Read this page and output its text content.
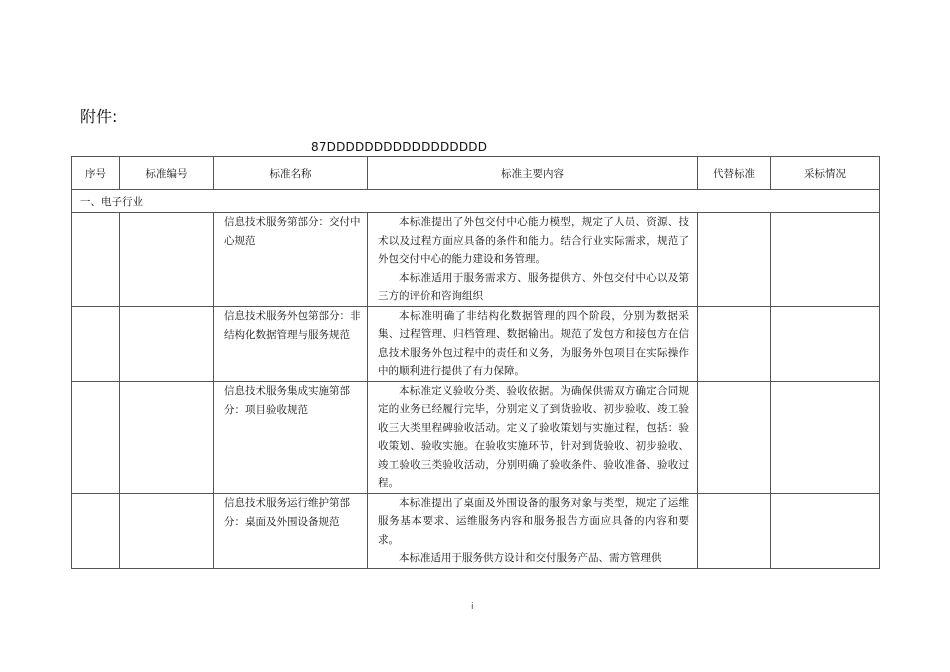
附件:
87DDDDDDDDDDDDDDDDD
序号	标准编号	标准名称	标准主要内容	代替标准	采标情况
一、电子行业					
		信息技术服务第部分：交付中心规范	本标准提出了外包交付中心能力模型，规定了人员、资源、技术以及过程方面应具备的条件和能力。结合行业实际需求，规范了外包交付中心的能力建设和务管理。

本标准适用于服务需求方、服务提供方、外包交付中心以及第三方的评价和咨询组织		

		信息技术服务外包第部分：非结构化数据管理与服务规范	本标准明确了非结构化数据管理的四个阶段，分别为数据采集、过程管理、归档管理、数据输出。规范了发包方和接包方在信息技术服务外包过程中的责任和义务，为服务外包项目在实际操作中的顺利进行提供了有力保障。		

		信息技术服务集成实施第部分：项目验收规范	本标准定义验收分类、验收依据。为确保供需双方确定合同规定的业务已经履行完毕，分别定义了到货验收、初步验收、竣工验收三大类里程碑验收活动。定义了验收策划与实施过程，包括：验收策划、验收实施。在验收实施环节，针对到货验收、初步验收、竣工验收三类验收活动，分别明确了验收条件、验收准备、验收过程。		

		信息技术服务运行维护第部分：桌面及外围设备规范	本标准提出了桌面及外围设备的服务对象与类型，规定了运维服务基本要求、运维服务内容和服务报告方面应具备的内容和要求。

本标准适用于服务供方设计和交付服务产品、需方管理供		

i
